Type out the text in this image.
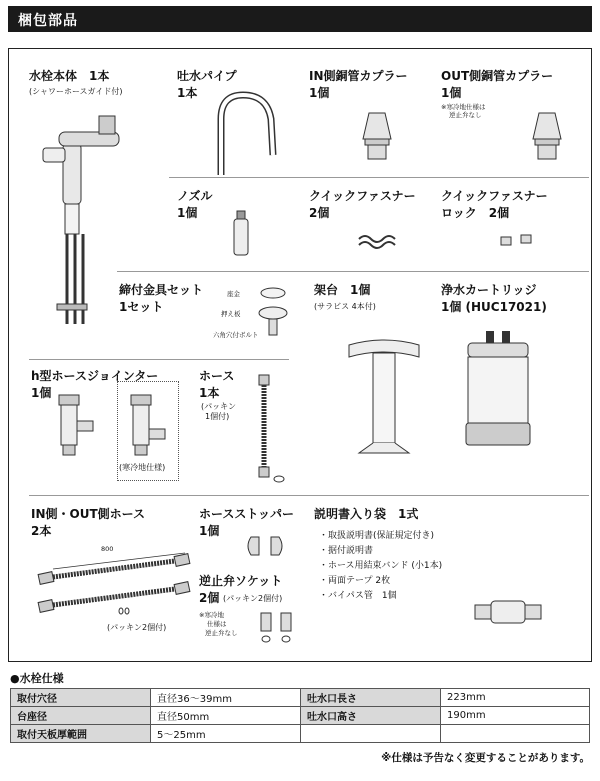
梱包部品
水栓本体　1本
(シャワーホースガイド付)
吐水パイプ
1本
IN側銅管カプラー
1個
OUT側銅管カプラー
1個
※寒冷地仕様は
逆止弁なし
ノズル
1個
クイックファスナー
2個
クイックファスナー
ロック　2個
締付金具セット
1セット
座金
押え板
六角穴付ボルト
架台　1個
(サラビス 4本付)
浄水カートリッジ
1個 (HUC17021)
h型ホースジョインター
1個
(寒冷地仕様)
ホース
1本
(パッキン
1個付)
IN側・OUT側ホース
2本
800
(パッキン2個付)
ホースストッパー
1個
逆止弁ソケット
2個 (パッキン2個付)
※寒冷地
仕様は
逆止弁なし
説明書入り袋　1式
・取扱説明書(保証規定付き)
・据付説明書
・ホース用結束バンド (小1本)
・両面テープ 2枚
・バイパス管　1個
●水栓仕様
取付穴径	直径36〜39mm	吐水口長さ	223mm
台座径	直径50mm	吐水口高さ	190mm
取付天板厚範囲	5〜25mm		
※仕様は予告なく変更することがあります。
